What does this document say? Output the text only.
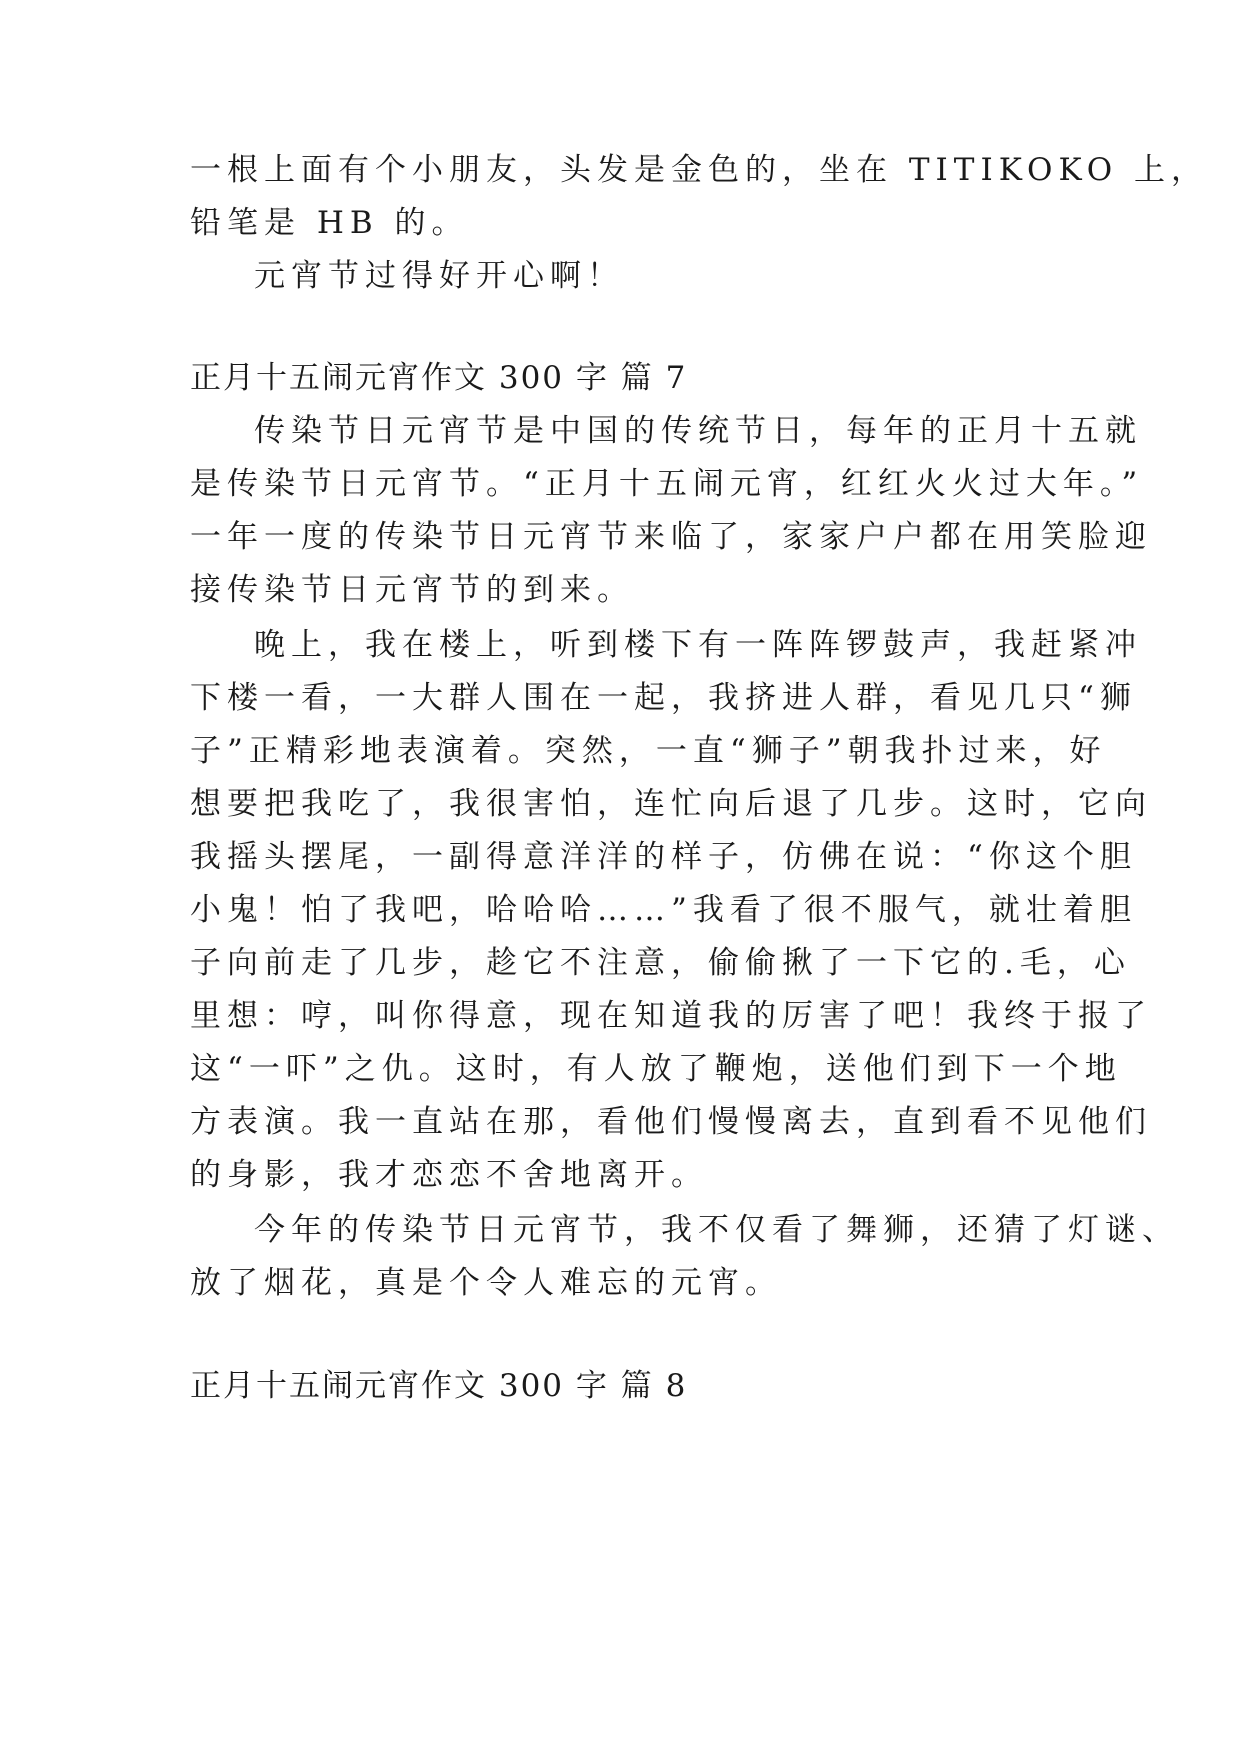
一根上面有个小朋友，头发是金色的，坐在 TITIKOKO 上，
铅笔是 HB 的。
元宵节过得好开心啊！
正月十五闹元宵作文 300 字 篇 7
传染节日元宵节是中国的传统节日，每年的正月十五就
是传染节日元宵节。“正月十五闹元宵，红红火火过大年。”
一年一度的传染节日元宵节来临了，家家户户都在用笑脸迎
接传染节日元宵节的到来。
晚上，我在楼上，听到楼下有一阵阵锣鼓声，我赶紧冲
下楼一看，一大群人围在一起，我挤进人群，看见几只“狮
子”正精彩地表演着。突然，一直“狮子”朝我扑过来，好
想要把我吃了，我很害怕，连忙向后退了几步。这时，它向
我摇头摆尾，一副得意洋洋的样子，仿佛在说：“你这个胆
小鬼！怕了我吧，哈哈哈……”我看了很不服气，就壮着胆
子向前走了几步，趁它不注意，偷偷揪了一下它的.毛，心
里想：哼，叫你得意，现在知道我的厉害了吧！我终于报了
这“一吓”之仇。这时，有人放了鞭炮，送他们到下一个地
方表演。我一直站在那，看他们慢慢离去，直到看不见他们
的身影，我才恋恋不舍地离开。
今年的传染节日元宵节，我不仅看了舞狮，还猜了灯谜、
放了烟花，真是个令人难忘的元宵。
正月十五闹元宵作文 300 字 篇 8
